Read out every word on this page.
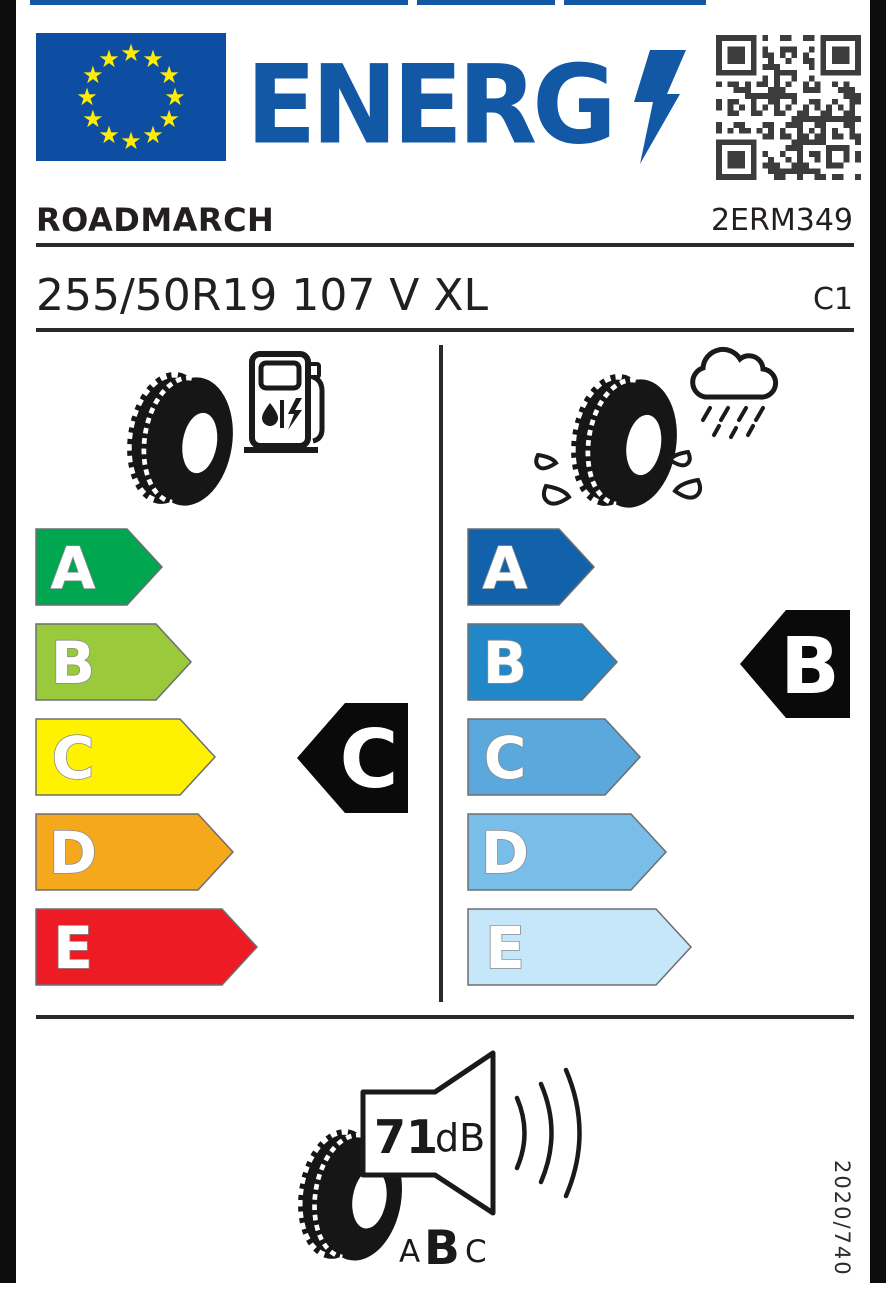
★ ★
★
★
★
★
★
★
★
★
★
★ ENERG
ROADMARCH	2ERM349
255/50R19 107 V XL	C1
A
B
C
D
E
C
A
B
C
D
E
B
71
dB
A B C	2020/740
